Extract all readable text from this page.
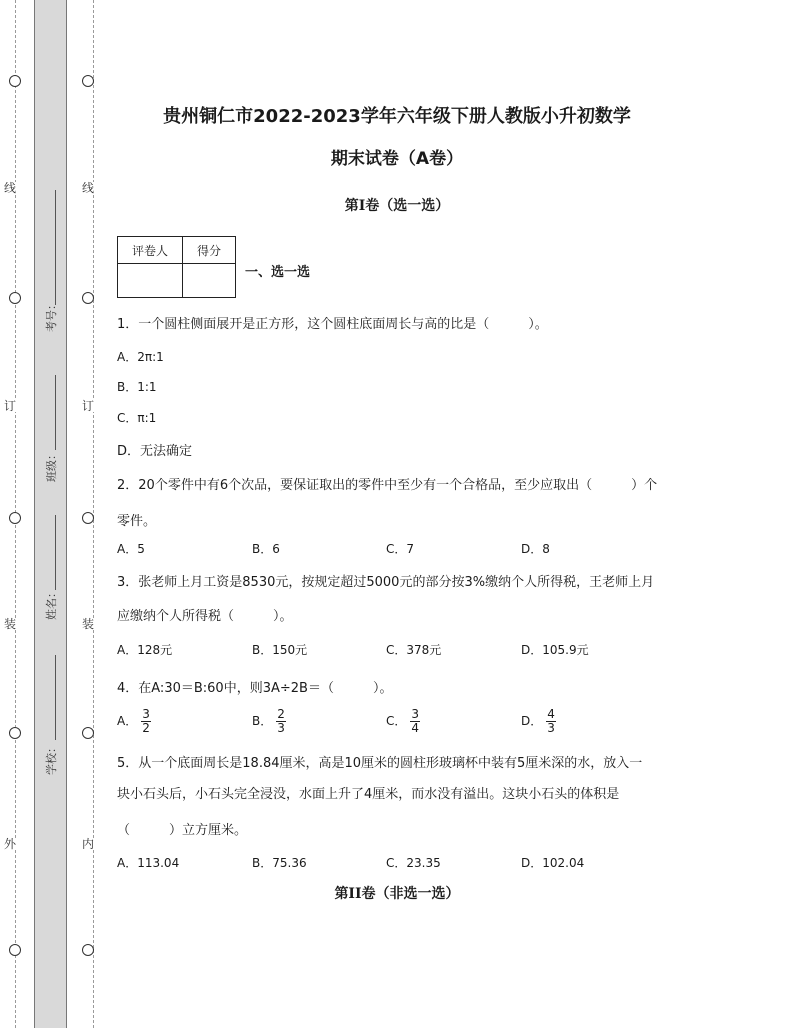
线
订
装
外
线
订
装
内
考号：
班级：
姓名：
学校：
贵州铜仁市2022-2023学年六年级下册人教版小升初数学
期末试卷（A卷）
第I卷（选一选）
评卷人	得分

一、选一选
1．一个圆柱侧面展开是正方形，这个圆柱底面周长与高的比是（　　　）。
A．2π:1
B．1:1
C．π:1
D．无法确定
2．20个零件中有6个次品，要保证取出的零件中至少有一个合格品，至少应取出（　　　）个
零件。
A．5	B．6	C．7	D．8
3．张老师上月工资是8530元，按规定超过5000元的部分按3%缴纳个人所得税，王老师上月
应缴纳个人所得税（　　　）。
A．128元	B．150元	C．378元	D．105.9元
4．在A:30＝B:60中，则3A÷2B＝（　　　）。
A． $\frac{3}{2}$	B． $\frac{2}{3}$	C． $\frac{3}{4}$	D． $\frac{4}{3}$
5．从一个底面周长是18.84厘米，高是10厘米的圆柱形玻璃杯中装有5厘米深的水，放入一
块小石头后，小石头完全浸没，水面上升了4厘米，而水没有溢出。这块小石头的体积是
（　　　）立方厘米。
A．113.04	B．75.36	C．23.35	D．102.04
第II卷（非选一选）
